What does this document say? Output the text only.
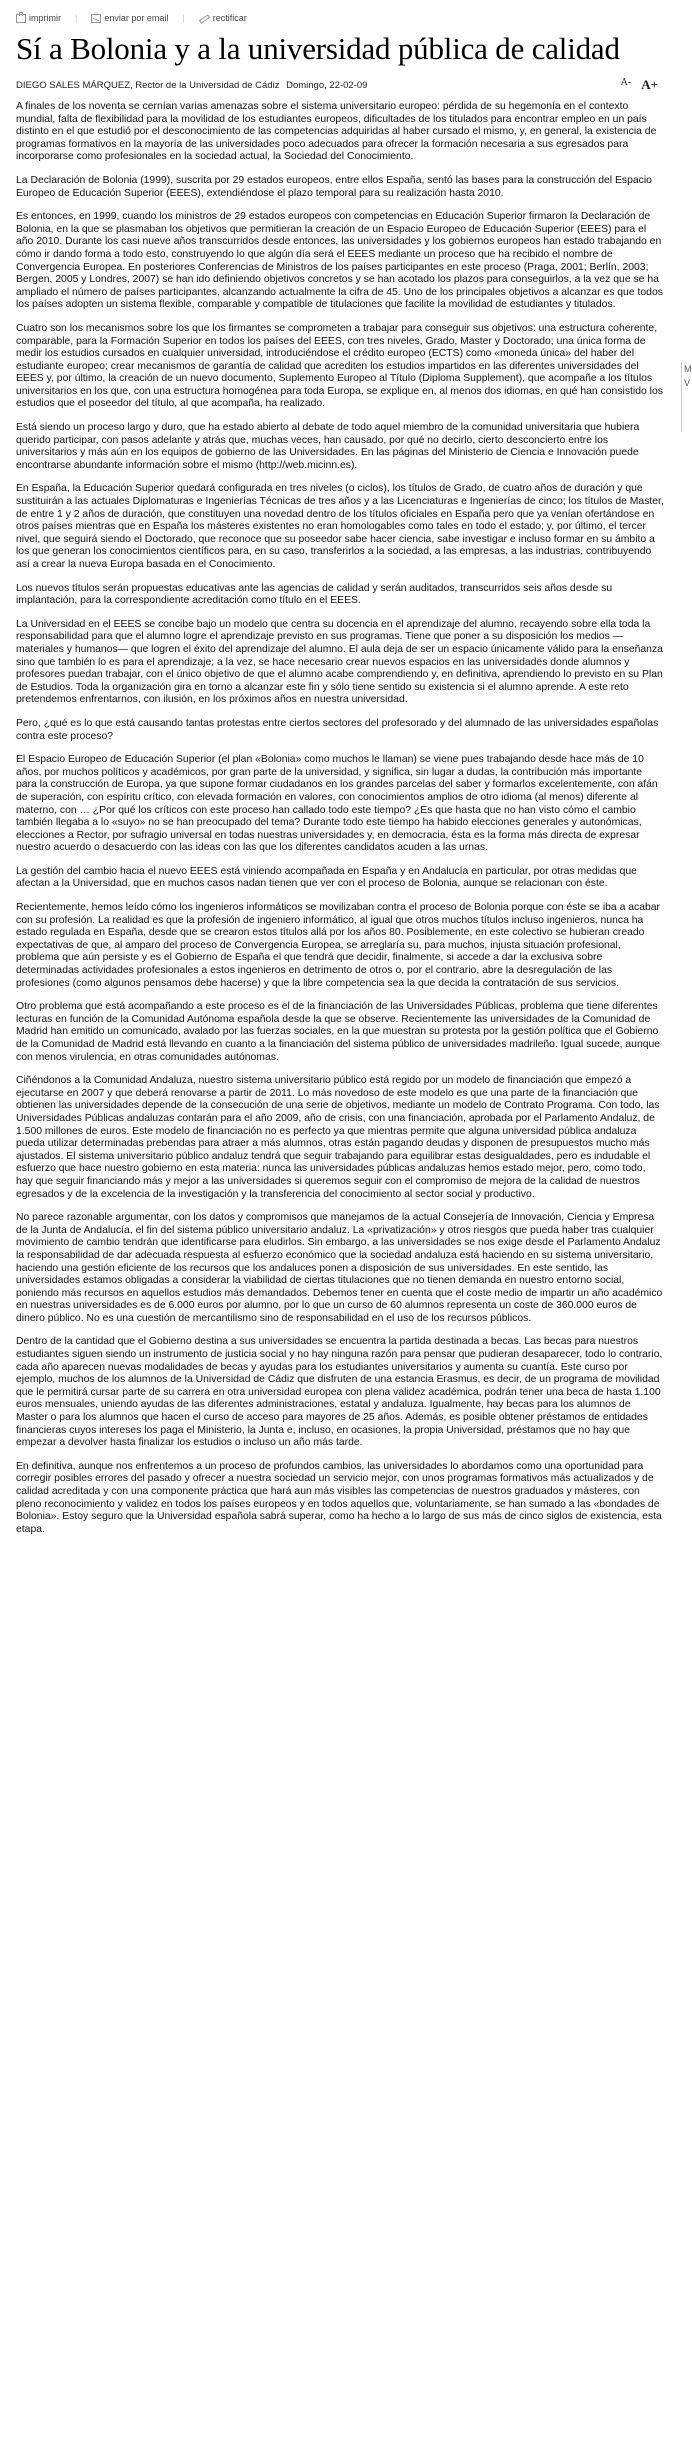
imprimir |	enviar por email |	rectificar
Sí a Bolonia y a la universidad pública de calidad
DIEGO SALES MÁRQUEZ, Rector de la Universidad de Cádiz Domingo, 22-02-09	A- A+

A finales de los noventa se cernían varias amenazas sobre el sistema universitario europeo: pérdida de su hegemonía en el contexto mundial, falta de flexibilidad para la movilidad de los estudiantes europeos, dificultades de los titulados para encontrar empleo en un país distinto en el que estudió por el desconocimiento de las competencias adquiridas al haber cursado el mismo, y, en general, la existencia de programas formativos en la mayoría de las universidades poco adecuados para ofrecer la formación necesaria a sus egresados para incorporarse como profesionales en la sociedad actual, la Sociedad del Conocimiento.

La Declaración de Bolonia (1999), suscrita por 29 estados europeos, entre ellos España, sentó las bases para la construcción del Espacio Europeo de Educación Superior (EEES), extendiéndose el plazo temporal para su realización hasta 2010.

Es entonces, en 1999, cuando los ministros de 29 estados europeos con competencias en Educación Superior firmaron la Declaración de Bolonia, en la que se plasmaban los objetivos que permitieran la creación de un Espacio Europeo de Educación Superior (EEES) para el año 2010. Durante los casi nueve años transcurridos desde entonces, las universidades y los gobiernos europeos han estado trabajando en cómo ir dando forma a todo esto, construyendo lo que algún día será el EEES mediante un proceso que ha recibido el nombre de Convergencia Europea. En posteriores Conferencias de Ministros de los países participantes en este proceso (Praga, 2001; Berlín, 2003; Bergen, 2005 y Londres, 2007) se han ido definiendo objetivos concretos y se han acotado los plazos para conseguirlos, a la vez que se ha ampliado el número de países participantes, alcanzando actualmente la cifra de 45. Uno de los principales objetivos a alcanzar es que todos los países adopten un sistema flexible, comparable y compatible de titulaciones que facilite la movilidad de estudiantes y titulados.

Cuatro son los mecanismos sobre los que los firmantes se comprometen a trabajar para conseguir sus objetivos: una estructura coherente, comparable, para la Formación Superior en todos los países del EEES, con tres niveles, Grado, Master y Doctorado; una única forma de medir los estudios cursados en cualquier universidad, introduciéndose el crédito europeo (ECTS) como «moneda única» del haber del estudiante europeo; crear mecanismos de garantía de calidad que acrediten los estudios impartidos en las diferentes universidades del EEES y, por último, la creación de un nuevo documento, Suplemento Europeo al Título (Diploma Supplement), que acompañe a los títulos universitarios en los que, con una estructura homogénea para toda Europa, se explique en, al menos dos idiomas, en qué han consistido los estudios que el poseedor del título, al que acompaña, ha realizado.

Está siendo un proceso largo y duro, que ha estado abierto al debate de todo aquel miembro de la comunidad universitaria que hubiera querido participar, con pasos adelante y atrás que, muchas veces, han causado, por qué no decirlo, cierto desconcierto entre los universitarios y más aún en los equipos de gobierno de las Universidades. En las páginas del Ministerio de Ciencia e Innovación puede encontrarse abundante información sobre el mismo (http://web.micinn.es).

En España, la Educación Superior quedará configurada en tres niveles (o ciclos), los títulos de Grado, de cuatro años de duración y que sustituirán a las actuales Diplomaturas e Ingenierías Técnicas de tres años y a las Licenciaturas e Ingenierías de cinco; los títulos de Master, de entre 1 y 2 años de duración, que constituyen una novedad dentro de los títulos oficiales en España pero que ya venían ofertándose en otros países mientras que en España los másteres existentes no eran homologables como tales en todo el estado; y, por último, el tercer nivel, que seguirá siendo el Doctorado, que reconoce que su poseedor sabe hacer ciencia, sabe investigar e incluso formar en su ámbito a los que generan los conocimientos científicos para, en su caso, transferirlos a la sociedad, a las empresas, a las industrias, contribuyendo así a crear la nueva Europa basada en el Conocimiento.

Los nuevos títulos serán propuestas educativas ante las agencias de calidad y serán auditados, transcurridos seis años desde su implantación, para la correspondiente acreditación como título en el EEES.

La Universidad en el EEES se concibe bajo un modelo que centra su docencia en el aprendizaje del alumno, recayendo sobre ella toda la responsabilidad para que el alumno logre el aprendizaje previsto en sus programas. Tiene que poner a su disposición los medios —materiales y humanos— que logren el éxito del aprendizaje del alumno. El aula deja de ser un espacio únicamente válido para la enseñanza sino que también lo es para el aprendizaje; a la vez, se hace necesario crear nuevos espacios en las universidades donde alumnos y profesores puedan trabajar, con el único objetivo de que el alumno acabe comprendiendo y, en definitiva, aprendiendo lo previsto en su Plan de Estudios. Toda la organización gira en torno a alcanzar este fin y sólo tiene sentido su existencia si el alumno aprende. A este reto pretendemos enfrentarnos, con ilusión, en los próximos años en nuestra universidad.

Pero, ¿qué es lo que está causando tantas protestas entre ciertos sectores del profesorado y del alumnado de las universidades españolas contra este proceso?

El Espacio Europeo de Educación Superior (el plan «Bolonia» como muchos le llaman) se viene pues trabajando desde hace más de 10 años, por muchos políticos y académicos, por gran parte de la universidad, y significa, sin lugar a dudas, la contribución más importante para la construcción de Europa, ya que supone formar ciudadanos en los grandes parcelas del saber y formarlos excelentemente, con afán de superación, con espíritu crítico, con elevada formación en valores, con conocimientos amplios de otro idioma (al menos) diferente al materno, con … ¿Por qué los críticos con este proceso han callado todo este tiempo? ¿Es que hasta que no han visto cómo el cambio también llegaba a lo «suyo» no se han preocupado del tema? Durante todo este tiempo ha habido elecciones generales y autonómicas, elecciones a Rector, por sufragio universal en todas nuestras universidades y, en democracia, ésta es la forma más directa de expresar nuestro acuerdo o desacuerdo con las ideas con las que los diferentes candidatos acuden a las urnas.

La gestión del cambio hacia el nuevo EEES está viniendo acompañada en España y en Andalucía en particular, por otras medidas que afectan a la Universidad, que en muchos casos nadan tienen que ver con el proceso de Bolonia, aunque se relacionan con éste.

Recientemente, hemos leído cómo los ingenieros informáticos se movilizaban contra el proceso de Bolonia porque con éste se iba a acabar con su profesión. La realidad es que la profesión de ingeniero informático, al igual que otros muchos títulos incluso ingenieros, nunca ha estado regulada en España, desde que se crearon estos títulos allá por los años 80. Posiblemente, en este colectivo se hubieran creado expectativas de que, al amparo del proceso de Convergencia Europea, se arreglaría su, para muchos, injusta situación profesional, problema que aún persiste y es el Gobierno de España el que tendrá que decidir, finalmente, si accede a dar la exclusiva sobre determinadas actividades profesionales a estos ingenieros en detrimento de otros o, por el contrario, abre la desregulación de las profesiones (como algunos pensamos debe hacerse) y que la libre competencia sea la que decida la contratación de sus servicios.

Otro problema que está acompañando a este proceso es el de la financiación de las Universidades Públicas, problema que tiene diferentes lecturas en función de la Comunidad Autónoma española desde la que se observe. Recientemente las universidades de la Comunidad de Madrid han emitido un comunicado, avalado por las fuerzas sociales, en la que muestran su protesta por la gestión política que el Gobierno de la Comunidad de Madrid está llevando en cuanto a la financiación del sistema público de universidades madrileño. Igual sucede, aunque con menos virulencia, en otras comunidades autónomas.

Ciñéndonos a la Comunidad Andaluza, nuestro sistema universitario público está regido por un modelo de financiación que empezó a ejecutarse en 2007 y que deberá renovarse a partir de 2011. Lo más novedoso de este modelo es que una parte de la financiación que obtienen las universidades depende de la consecución de una serie de objetivos, mediante un modelo de Contrato Programa. Con todo, las Universidades Públicas andaluzas contarán para el año 2009, año de crisis, con una financiación, aprobada por el Parlamento Andaluz, de 1.500 millones de euros. Este modelo de financiación no es perfecto ya que mientras permite que alguna universidad pública andaluza pueda utilizar determinadas prebendas para atraer a más alumnos, otras están pagando deudas y disponen de presupuestos mucho más ajustados. El sistema universitario público andaluz tendrá que seguir trabajando para equilibrar estas desigualdades, pero es indudable el esfuerzo que hace nuestro gobierno en esta materia: nunca las universidades públicas andaluzas hemos estado mejor, pero, como todo, hay que seguir financiando más y mejor a las universidades si queremos seguir con el compromiso de mejora de la calidad de nuestros egresados y de la excelencia de la investigación y la transferencia del conocimiento al sector social y productivo.

No parece razonable argumentar, con los datos y compromisos que manejamos de la actual Consejería de Innovación, Ciencia y Empresa de la Junta de Andalucía, el fin del sistema público universitario andaluz. La «privatización» y otros riesgos que pueda haber tras cualquier movimiento de cambio tendrán que identificarse para eludirlos. Sin embargo, a las universidades se nos exige desde el Parlamento Andaluz la responsabilidad de dar adecuada respuesta al esfuerzo económico que la sociedad andaluza está haciendo en su sistema universitario, haciendo una gestión eficiente de los recursos que los andaluces ponen a disposición de sus universidades. En este sentido, las universidades estamos obligadas a considerar la viabilidad de ciertas titulaciones que no tienen demanda en nuestro entorno social, poniendo más recursos en aquellos estudios más demandados. Debemos tener en cuenta que el coste medio de impartir un año académico en nuestras universidades es de 6.000 euros por alumno, por lo que un curso de 60 alumnos representa un coste de 360.000 euros de dinero público. No es una cuestión de mercantilismo sino de responsabilidad en el uso de los recursos públicos.

Dentro de la cantidad que el Gobierno destina a sus universidades se encuentra la partida destinada a becas. Las becas para nuestros estudiantes siguen siendo un instrumento de justicia social y no hay ninguna razón para pensar que pudieran desaparecer, todo lo contrario, cada año aparecen nuevas modalidades de becas y ayudas para los estudiantes universitarios y aumenta su cuantía. Este curso por ejemplo, muchos de los alumnos de la Universidad de Cádiz que disfruten de una estancia Erasmus, es decir, de un programa de movilidad que le permitirá cursar parte de su carrera en otra universidad europea con plena validez académica, podrán tener una beca de hasta 1.100 euros mensuales, uniendo ayudas de las diferentes administraciones, estatal y andaluza. Igualmente, hay becas para los alumnos de Master o para los alumnos que hacen el curso de acceso para mayores de 25 años. Además, es posible obtener préstamos de entidades financieras cuyos intereses los paga el Ministerio, la Junta e, incluso, en ocasiones, la propia Universidad, préstamos que no hay que empezar a devolver hasta finalizar los estudios o incluso un año más tarde.

En definitiva, aunque nos enfrentemos a un proceso de profundos cambios, las universidades lo abordamos como una oportunidad para corregir posibles errores del pasado y ofrecer a nuestra sociedad un servicio mejor, con unos programas formativos más actualizados y de calidad acreditada y con una componente práctica que hará aun más visibles las competencias de nuestros graduados y másteres, con pleno reconocimiento y validez en todos los países europeos y en todos aquellos que, voluntariamente, se han sumado a las «bondades de Bolonia». Estoy seguro que la Universidad española sabrá superar, como ha hecho a lo largo de sus más de cinco siglos de existencia, esta etapa.

M
V
